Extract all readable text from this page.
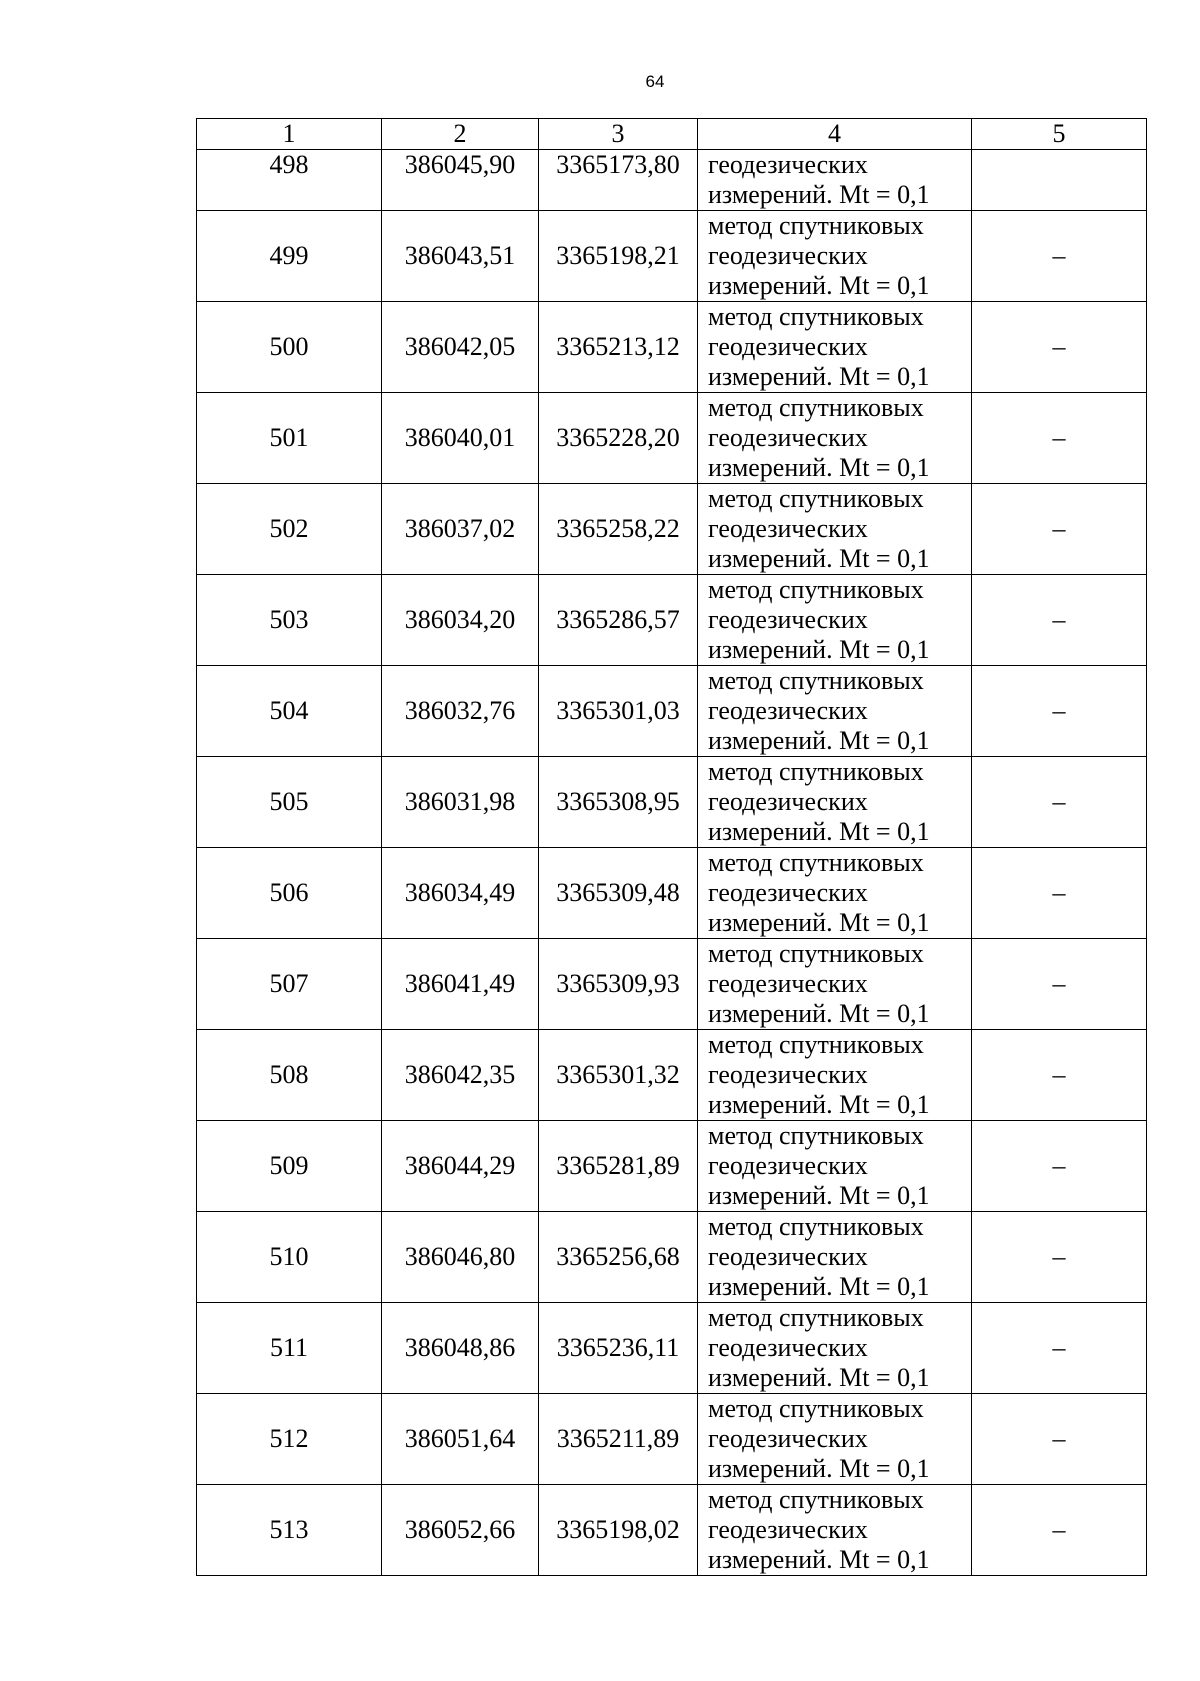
64
1	2	3	4	5
498	386045,90	3365173,80	геодезических
измерений. Mt = 0,1	

499	386043,51	3365198,21	метод спутниковых
геодезических
измерений. Mt = 0,1	–
500	386042,05	3365213,12	метод спутниковых
геодезических
измерений. Mt = 0,1	–
501	386040,01	3365228,20	метод спутниковых
геодезических
измерений. Mt = 0,1	–
502	386037,02	3365258,22	метод спутниковых
геодезических
измерений. Mt = 0,1	–
503	386034,20	3365286,57	метод спутниковых
геодезических
измерений. Mt = 0,1	–
504	386032,76	3365301,03	метод спутниковых
геодезических
измерений. Mt = 0,1	–
505	386031,98	3365308,95	метод спутниковых
геодезических
измерений. Mt = 0,1	–
506	386034,49	3365309,48	метод спутниковых
геодезических
измерений. Mt = 0,1	–
507	386041,49	3365309,93	метод спутниковых
геодезических
измерений. Mt = 0,1	–
508	386042,35	3365301,32	метод спутниковых
геодезических
измерений. Mt = 0,1	–
509	386044,29	3365281,89	метод спутниковых
геодезических
измерений. Mt = 0,1	–
510	386046,80	3365256,68	метод спутниковых
геодезических
измерений. Mt = 0,1	–
511	386048,86	3365236,11	метод спутниковых
геодезических
измерений. Mt = 0,1	–
512	386051,64	3365211,89	метод спутниковых
геодезических
измерений. Mt = 0,1	–
513	386052,66	3365198,02	метод спутниковых
геодезических
измерений. Mt = 0,1	–
